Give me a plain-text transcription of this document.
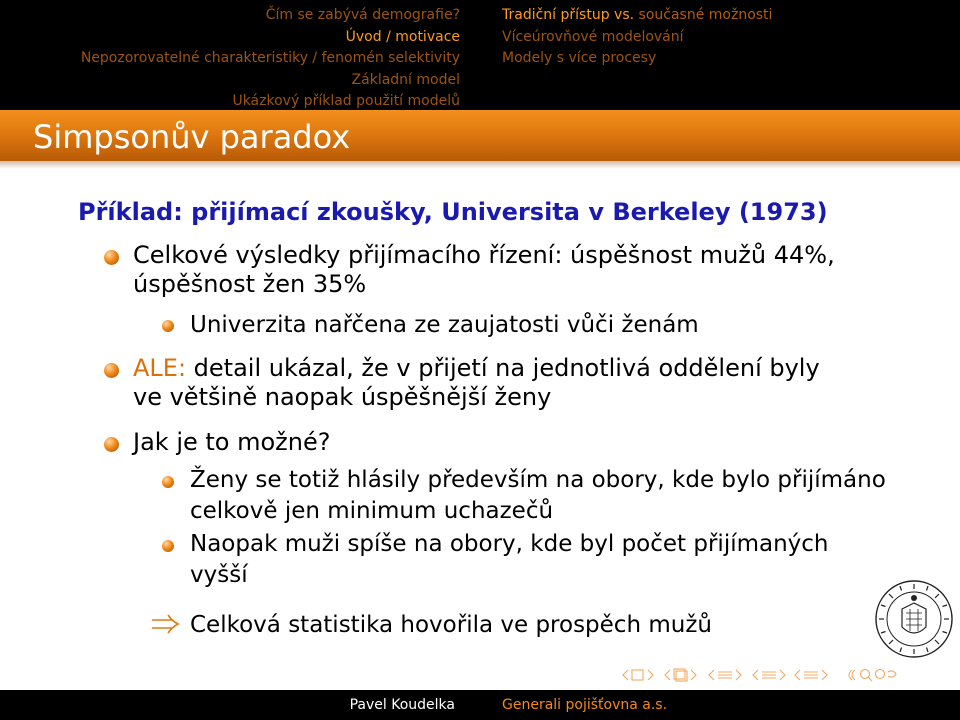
Čím se zabývá demografie?
Úvod / motivace
Nepozorovatelné charakteristiky / fenomén selektivity
Základní model
Ukázkový příklad použití modelů
Tradiční přístup vs. současné možnosti
Víceúrovňové modelování
Modely s více procesy
Simpsonův paradox
Příklad: přijímací zkoušky, Universita v Berkeley (1973)
Celkové výsledky přijímacího řízení: úspěšnost mužů 44%,
úspěšnost žen 35%
Univerzita nařčena ze zaujatosti vůči ženám
ALE: detail ukázal, že v přijetí na jednotlivá oddělení byly
ve většině naopak úspěšnější ženy
Jak je to možné?
Ženy se totiž hlásily především na obory, kde bylo přijímáno
celkově jen minimum uchazečů
Naopak muži spíše na obory, kde byl počet přijímaných
vyšší
Celková statistika hovořila ve prospěch mužů
Pavel Koudelka	Generali pojišťovna a.s.
